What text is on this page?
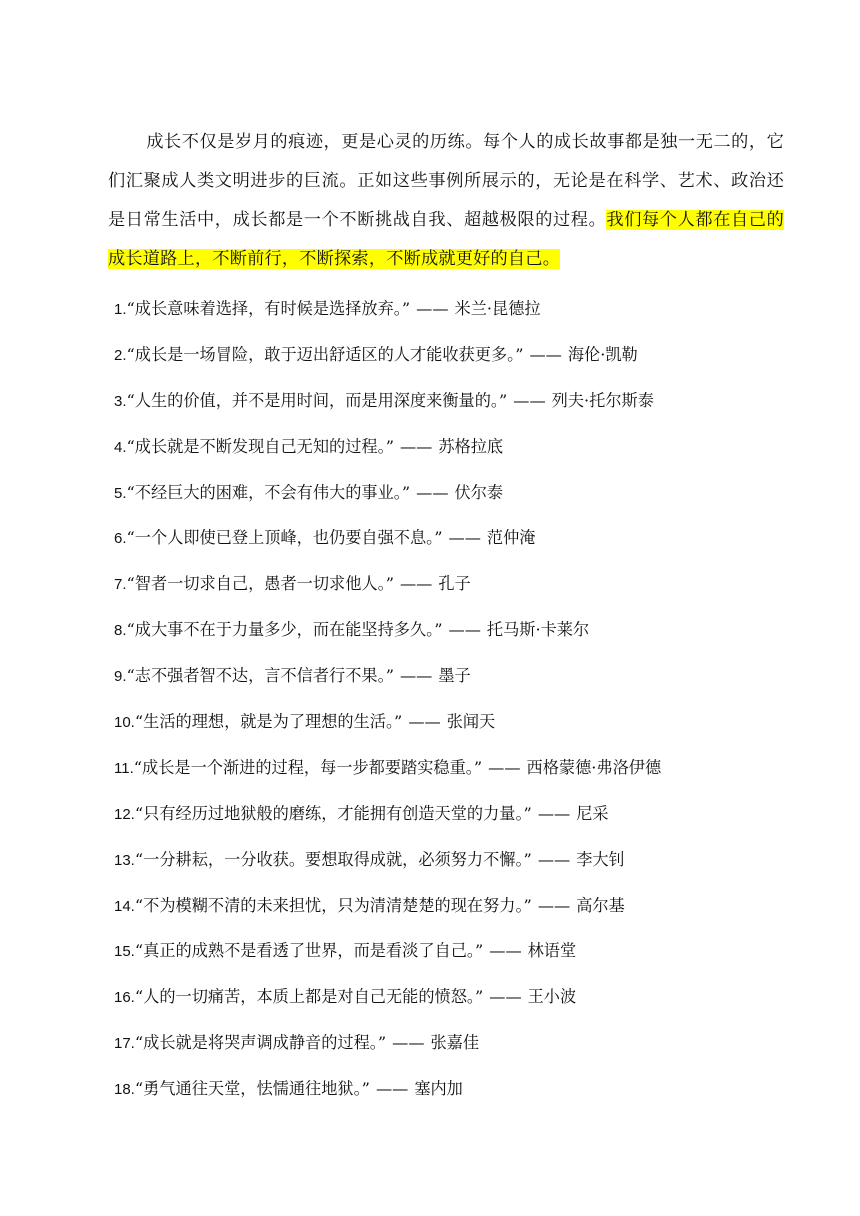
成长不仅是岁月的痕迹，更是心灵的历练。每个人的成长故事都是独一无二的，它们汇聚成人类文明进步的巨流。正如这些事例所展示的，无论是在科学、艺术、政治还是日常生活中，成长都是一个不断挑战自我、超越极限的过程。我们每个人都在自己的成长道路上，不断前行，不断探索，不断成就更好的自己。

1.“成长意味着选择，有时候是选择放弃。” —— 米兰·昆德拉
2.“成长是一场冒险，敢于迈出舒适区的人才能收获更多。” —— 海伦·凯勒
3.“人生的价值，并不是用时间，而是用深度来衡量的。” —— 列夫·托尔斯泰
4.“成长就是不断发现自己无知的过程。” —— 苏格拉底
5.“不经巨大的困难，不会有伟大的事业。” —— 伏尔泰
6.“一个人即使已登上顶峰，也仍要自强不息。” —— 范仲淹
7.“智者一切求自己，愚者一切求他人。” —— 孔子
8.“成大事不在于力量多少，而在能坚持多久。” —— 托马斯·卡莱尔
9.“志不强者智不达，言不信者行不果。” —— 墨子
10.“生活的理想，就是为了理想的生活。” —— 张闻天
11.“成长是一个渐进的过程，每一步都要踏实稳重。” —— 西格蒙德·弗洛伊德
12.“只有经历过地狱般的磨练，才能拥有创造天堂的力量。” —— 尼采
13.“一分耕耘，一分收获。要想取得成就，必须努力不懈。” —— 李大钊
14.“不为模糊不清的未来担忧，只为清清楚楚的现在努力。” —— 高尔基
15.“真正的成熟不是看透了世界，而是看淡了自己。” —— 林语堂
16.“人的一切痛苦，本质上都是对自己无能的愤怒。” —— 王小波
17.“成长就是将哭声调成静音的过程。” —— 张嘉佳
18.“勇气通往天堂，怯懦通往地狱。” —— 塞内加
